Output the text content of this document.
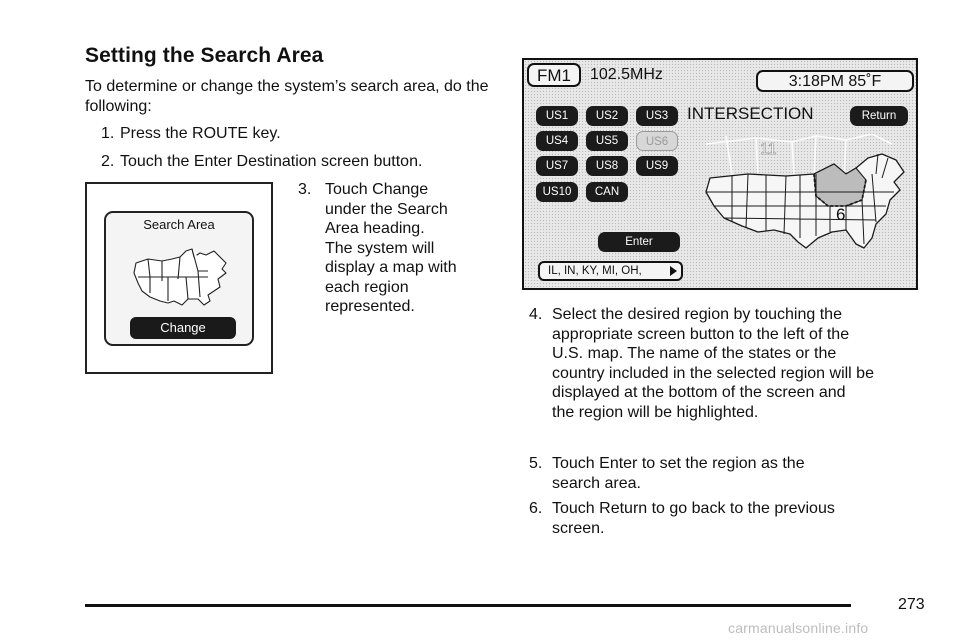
Setting the Search Area
To determine or change the system’s search area, do the following:
1. Press the ROUTE key.
2. Touch the Enter Destination screen button.
3. Touch Change
under the Search
Area heading.
The system will
display a map with
each region
represented.
Search Area
Change
FM1	102.5MHz	3:18PM 85˚F
US1	US2	US3	INTERSECTION	Return
US4	US5	US6
US7	US8	US9
US10	CAN
11
6
Enter
IL, IN, KY, MI, OH,
4. Select the desired region by touching the
appropriate screen button to the left of the
U.S. map. The name of the states or the
country included in the selected region will be
displayed at the bottom of the screen and
the region will be highlighted.
5. Touch Enter to set the region as the
search area.
6. Touch Return to go back to the previous
screen.
273
carmanualsonline.info
